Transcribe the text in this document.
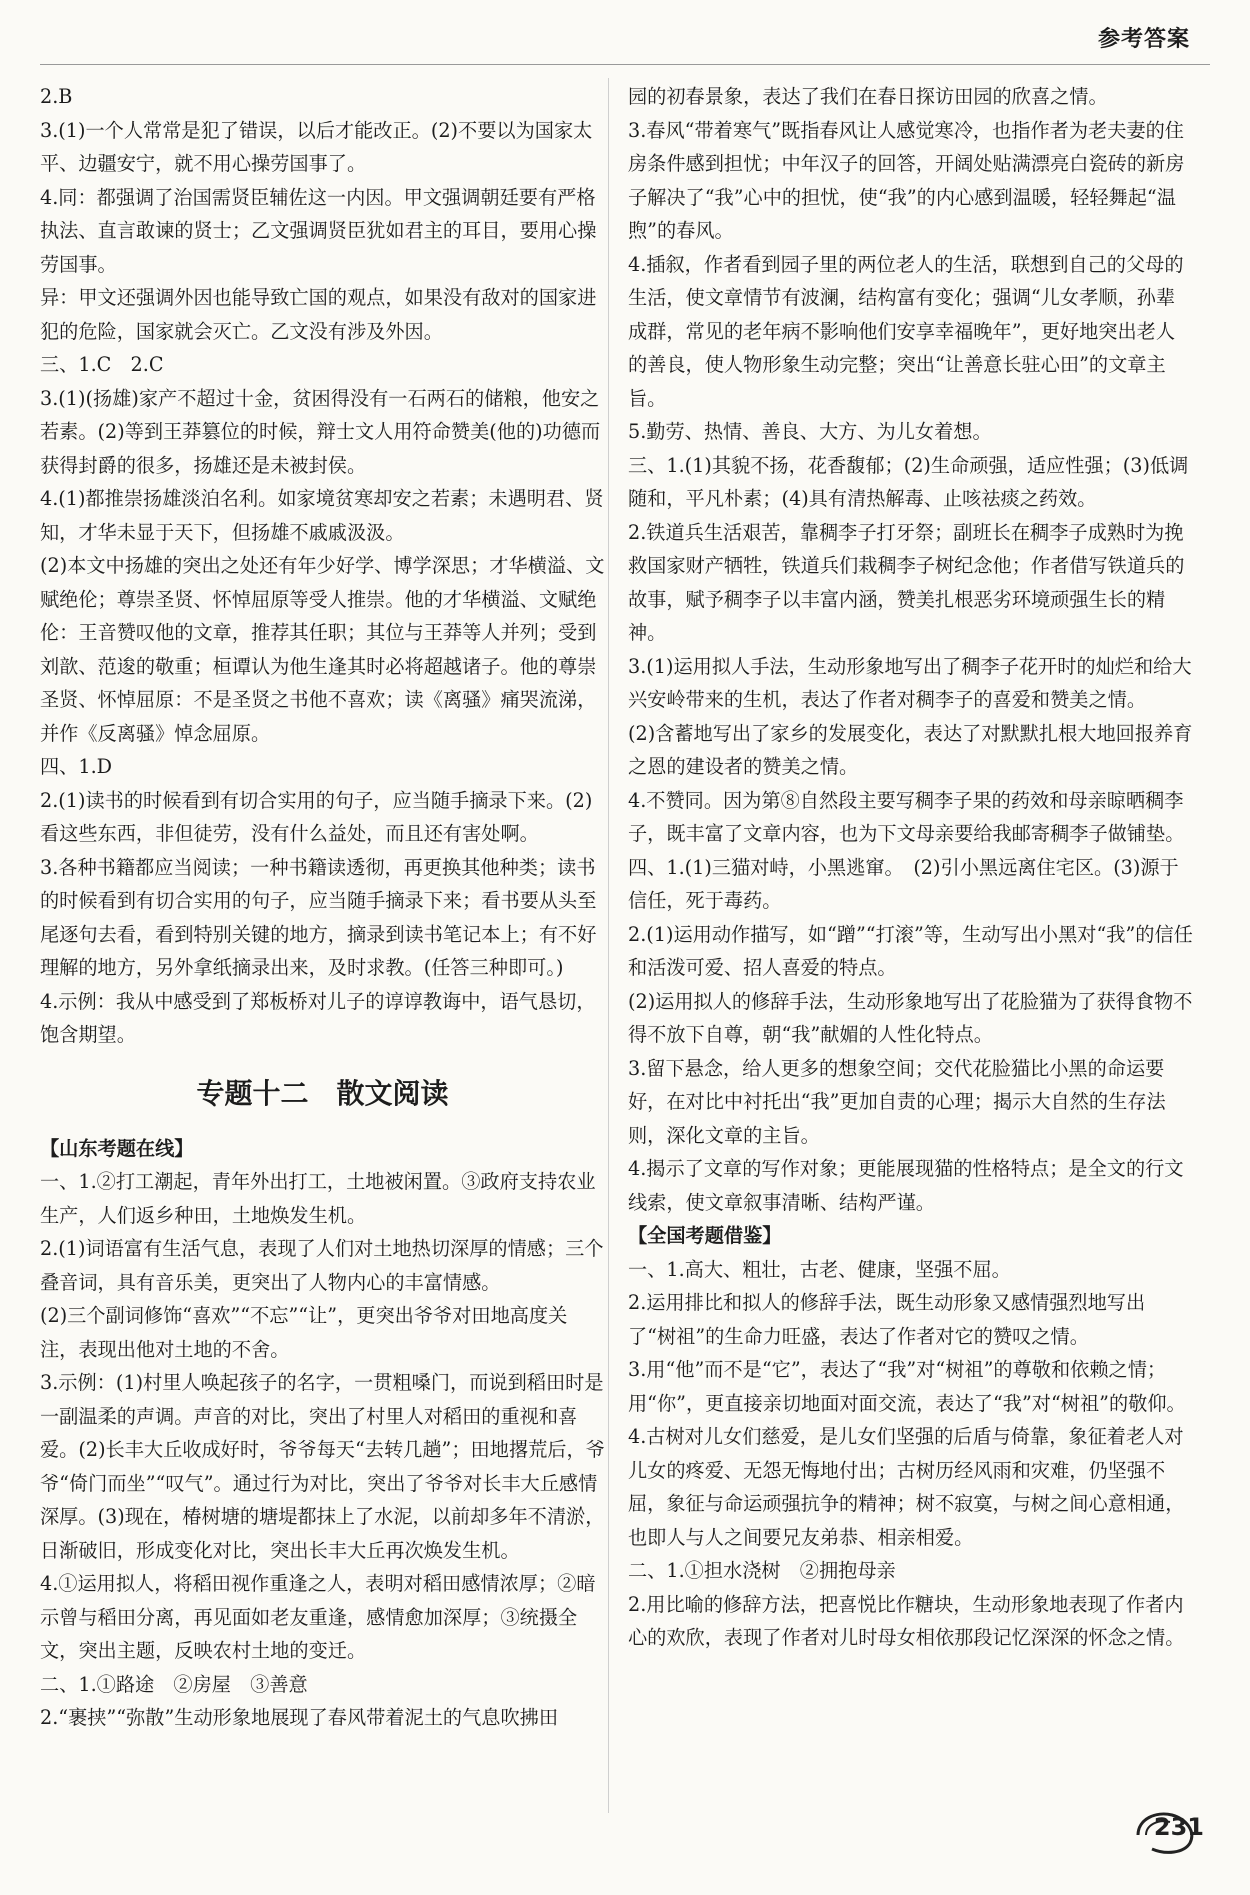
参考答案

2.B

3.(1)一个人常常是犯了错误，以后才能改正。(2)不要以为国家太平、边疆安宁，就不用心操劳国事了。

4.同：都强调了治国需贤臣辅佐这一内因。甲文强调朝廷要有严格执法、直言敢谏的贤士；乙文强调贤臣犹如君主的耳目，要用心操劳国事。

异：甲文还强调外因也能导致亡国的观点，如果没有敌对的国家进犯的危险，国家就会灭亡。乙文没有涉及外因。

三、1.C　2.C

3.(1)(扬雄)家产不超过十金，贫困得没有一石两石的储粮，他安之若素。(2)等到王莽篡位的时候，辩士文人用符命赞美(他的)功德而获得封爵的很多，扬雄还是未被封侯。

4.(1)都推崇扬雄淡泊名利。如家境贫寒却安之若素；未遇明君、贤知，才华未显于天下，但扬雄不戚戚汲汲。

(2)本文中扬雄的突出之处还有年少好学、博学深思；才华横溢、文赋绝伦；尊崇圣贤、怀悼屈原等受人推崇。他的才华横溢、文赋绝伦：王音赞叹他的文章，推荐其任职；其位与王莽等人并列；受到刘歆、范逡的敬重；桓谭认为他生逢其时必将超越诸子。他的尊崇圣贤、怀悼屈原：不是圣贤之书他不喜欢；读《离骚》痛哭流涕，并作《反离骚》悼念屈原。

四、1.D

2.(1)读书的时候看到有切合实用的句子，应当随手摘录下来。(2)看这些东西，非但徒劳，没有什么益处，而且还有害处啊。

3.各种书籍都应当阅读；一种书籍读透彻，再更换其他种类；读书的时候看到有切合实用的句子，应当随手摘录下来；看书要从头至尾逐句去看，看到特别关键的地方，摘录到读书笔记本上；有不好理解的地方，另外拿纸摘录出来，及时求教。(任答三种即可。)

4.示例：我从中感受到了郑板桥对儿子的谆谆教诲中，语气恳切，饱含期望。

专题十二　散文阅读

【山东考题在线】

一、1.②打工潮起，青年外出打工，土地被闲置。③政府支持农业生产，人们返乡种田，土地焕发生机。

2.(1)词语富有生活气息，表现了人们对土地热切深厚的情感；三个叠音词，具有音乐美，更突出了人物内心的丰富情感。

(2)三个副词修饰“喜欢”“不忘”“让”，更突出爷爷对田地高度关注，表现出他对土地的不舍。

3.示例：(1)村里人唤起孩子的名字，一贯粗嗓门，而说到稻田时是一副温柔的声调。声音的对比，突出了村里人对稻田的重视和喜爱。(2)长丰大丘收成好时，爷爷每天“去转几趟”；田地撂荒后，爷爷“倚门而坐”“叹气”。通过行为对比，突出了爷爷对长丰大丘感情深厚。(3)现在，椿树塘的塘堤都抹上了水泥，以前却多年不清淤，日渐破旧，形成变化对比，突出长丰大丘再次焕发生机。

4.①运用拟人，将稻田视作重逢之人，表明对稻田感情浓厚；②暗示曾与稻田分离，再见面如老友重逢，感情愈加深厚；③统摄全文，突出主题，反映农村土地的变迁。

二、1.①路途　②房屋　③善意

2.“裹挟”“弥散”生动形象地展现了春风带着泥土的气息吹拂田

园的初春景象，表达了我们在春日探访田园的欣喜之情。

3.春风“带着寒气”既指春风让人感觉寒冷，也指作者为老夫妻的住房条件感到担忧；中年汉子的回答，开阔处贴满漂亮白瓷砖的新房子解决了“我”心中的担忧，使“我”的内心感到温暖，轻轻舞起“温煦”的春风。

4.插叙，作者看到园子里的两位老人的生活，联想到自己的父母的生活，使文章情节有波澜，结构富有变化；强调“儿女孝顺，孙辈成群，常见的老年病不影响他们安享幸福晚年”，更好地突出老人的善良，使人物形象生动完整；突出“让善意长驻心田”的文章主旨。

5.勤劳、热情、善良、大方、为儿女着想。

三、1.(1)其貌不扬，花香馥郁；(2)生命顽强，适应性强；(3)低调随和，平凡朴素；(4)具有清热解毒、止咳祛痰之药效。

2.铁道兵生活艰苦，靠稠李子打牙祭；副班长在稠李子成熟时为挽救国家财产牺牲，铁道兵们栽稠李子树纪念他；作者借写铁道兵的故事，赋予稠李子以丰富内涵，赞美扎根恶劣环境顽强生长的精神。

3.(1)运用拟人手法，生动形象地写出了稠李子花开时的灿烂和给大兴安岭带来的生机，表达了作者对稠李子的喜爱和赞美之情。

(2)含蓄地写出了家乡的发展变化，表达了对默默扎根大地回报养育之恩的建设者的赞美之情。

4.不赞同。因为第⑧自然段主要写稠李子果的药效和母亲晾晒稠李子，既丰富了文章内容，也为下文母亲要给我邮寄稠李子做铺垫。

四、1.(1)三猫对峙，小黑逃窜。　(2)引小黑远离住宅区。(3)源于信任，死于毒药。

2.(1)运用动作描写，如“蹭”“打滚”等，生动写出小黑对“我”的信任和活泼可爱、招人喜爱的特点。

(2)运用拟人的修辞手法，生动形象地写出了花脸猫为了获得食物不得不放下自尊，朝“我”献媚的人性化特点。

3.留下悬念，给人更多的想象空间；交代花脸猫比小黑的命运要好，在对比中衬托出“我”更加自责的心理；揭示大自然的生存法则，深化文章的主旨。

4.揭示了文章的写作对象；更能展现猫的性格特点；是全文的行文线索，使文章叙事清晰、结构严谨。

【全国考题借鉴】

一、1.高大、粗壮，古老、健康，坚强不屈。

2.运用排比和拟人的修辞手法，既生动形象又感情强烈地写出了“树祖”的生命力旺盛，表达了作者对它的赞叹之情。

3.用“他”而不是“它”，表达了“我”对“树祖”的尊敬和依赖之情；用“你”，更直接亲切地面对面交流，表达了“我”对“树祖”的敬仰。

4.古树对儿女们慈爱，是儿女们坚强的后盾与倚靠，象征着老人对儿女的疼爱、无怨无悔地付出；古树历经风雨和灾难，仍坚强不屈，象征与命运顽强抗争的精神；树不寂寞，与树之间心意相通，也即人与人之间要兄友弟恭、相亲相爱。

二、1.①担水浇树　②拥抱母亲

2.用比喻的修辞方法，把喜悦比作糖块，生动形象地表现了作者内心的欢欣，表现了作者对儿时母女相依那段记忆深深的怀念之情。

231
